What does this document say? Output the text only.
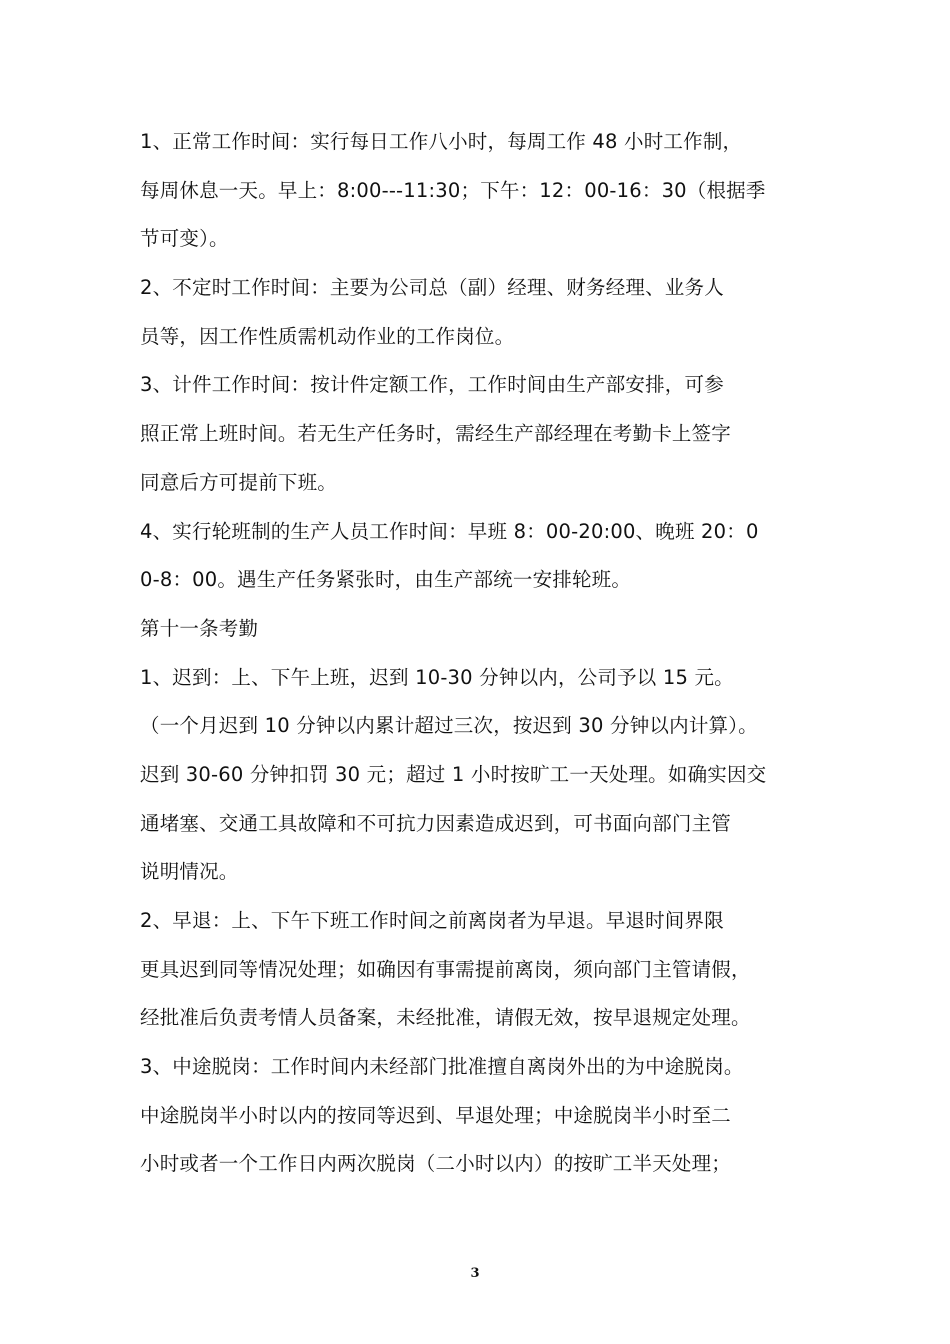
1、正常工作时间：实行每日工作八小时，每周工作 48 小时工作制，
每周休息一天。早上：8:00---11:30；下午：12：00-16：30（根据季
节可变）。
2、不定时工作时间：主要为公司总（副）经理、财务经理、业务人
员等，因工作性质需机动作业的工作岗位。
3、计件工作时间：按计件定额工作，工作时间由生产部安排，可参
照正常上班时间。若无生产任务时，需经生产部经理在考勤卡上签字
同意后方可提前下班。
4、实行轮班制的生产人员工作时间：早班 8：00-20:00、晚班 20：0
0-8：00。遇生产任务紧张时，由生产部统一安排轮班。
第十一条考勤
1、迟到：上、下午上班，迟到 10-30 分钟以内，公司予以 15 元。
（一个月迟到 10 分钟以内累计超过三次，按迟到 30 分钟以内计算）。
迟到 30-60 分钟扣罚 30 元；超过 1 小时按旷工一天处理。如确实因交
通堵塞、交通工具故障和不可抗力因素造成迟到，可书面向部门主管
说明情况。
2、早退：上、下午下班工作时间之前离岗者为早退。早退时间界限
更具迟到同等情况处理；如确因有事需提前离岗，须向部门主管请假，
经批准后负责考情人员备案，未经批准，请假无效，按早退规定处理。
3、中途脱岗：工作时间内未经部门批准擅自离岗外出的为中途脱岗。
中途脱岗半小时以内的按同等迟到、早退处理；中途脱岗半小时至二
小时或者一个工作日内两次脱岗（二小时以内）的按旷工半天处理；
3
